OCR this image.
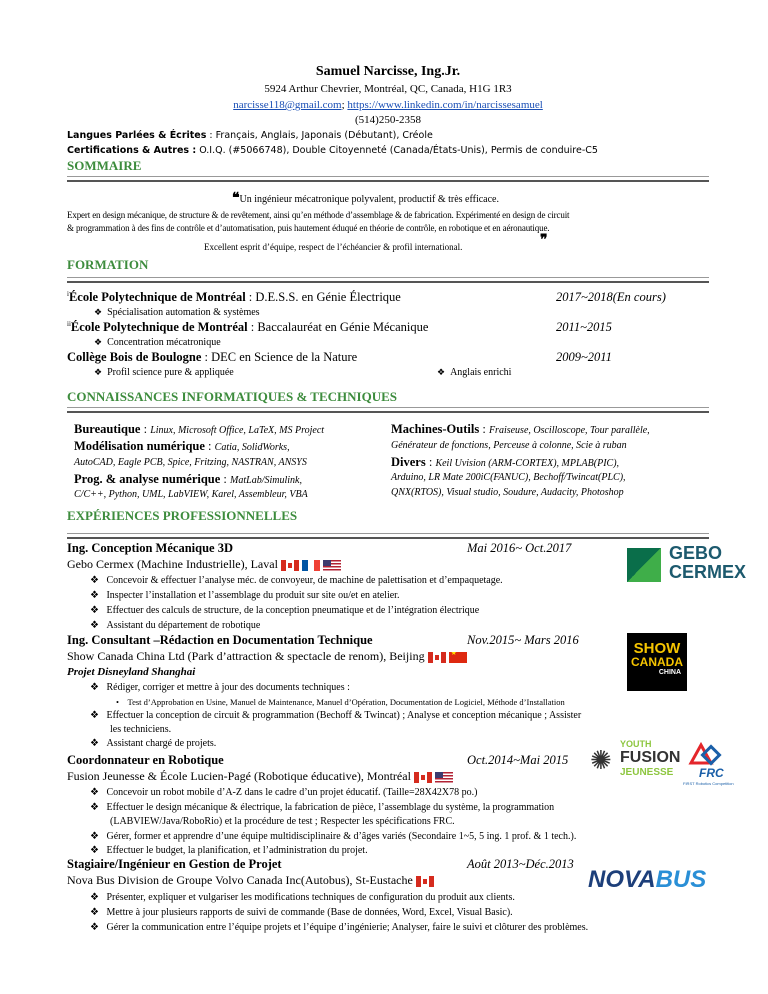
Samuel Narcisse, Ing.Jr.
5924 Arthur Chevrier, Montréal, QC, Canada, H1G 1R3
narcisse118@gmail.com; https://www.linkedin.com/in/narcissesamuel
(514)250-2358
Langues Parlées & Écrites : Français, Anglais, Japonais (Débutant), Créole
Certifications & Autres : O.I.Q. (#5066748), Double Citoyenneté (Canada/États-Unis), Permis de conduire-C5
SOMMAIRE
❝Un ingénieur mécatronique polyvalent, productif & très efficace.
Expert en design mécanique, de structure & de revêtement, ainsi qu’en méthode d’assemblage & de fabrication. Expérimenté en design de circuit
& programmation à des fins de contrôle et d’automatisation, puis hautement éduqué en théorie de contrôle, en robotique et en aéronautique.
Excellent esprit d’équipe, respect de l’échéancier & profil international.	❞
FORMATION
$^i$École Polytechnique de Montréal : D.E.S.S. en Génie Électrique	2017~2018(En cours)
❖ Spécialisation automation & systèmes
$^{ii}$École Polytechnique de Montréal : Baccalauréat en Génie Mécanique	2011~2015
❖ Concentration mécatronique
Collège Bois de Boulogne : DEC en Science de la Nature	2009~2011
❖ Profil science pure & appliquée	❖ Anglais enrichi
CONNAISSANCES INFORMATIQUES & TECHNIQUES
Bureautique : Linux, Microsoft Office, LaTeX, MS Project
Modélisation numérique : Catia, SolidWorks,
AutoCAD, Eagle PCB, Spice, Fritzing, NASTRAN, ANSYS
Prog. & analyse numérique : MatLab/Simulink,
C/C++, Python, UML, LabVIEW, Karel, Assembleur, VBA
Machines-Outils : Fraiseuse, Oscilloscope, Tour parallèle,
Générateur de fonctions, Perceuse à colonne, Scie à ruban
Divers : Keil Uvision (ARM-CORTEX), MPLAB(PIC),
Arduino, LR Mate 200iC(FANUC), Bechoff/Twincat(PLC),
QNX(RTOS), Visual studio, Soudure, Audacity, Photoshop
EXPÉRIENCES PROFESSIONNELLES
Ing. Conception Mécanique 3D	Mai 2016~ Oct.2017
Gebo Cermex (Machine Industrielle), Laval
❖ Concevoir & effectuer l’analyse méc. de convoyeur, de machine de palettisation et d’empaquetage.
❖ Inspecter l’installation et l’assemblage du produit sur site ou/et en atelier.
❖ Effectuer des calculs de structure, de la conception pneumatique et de l’intégration électrique
❖ Assistant du département de robotique
GEBO
CERMEX
Ing. Consultant –Rédaction en Documentation Technique	Nov.2015~ Mars 2016
Show Canada China Ltd (Park d’attraction & spectacle de renom), Beijing★
Projet Disneyland Shanghai
❖ Rédiger, corriger et mettre à jour des documents techniques :
• Test d’Approbation en Usine, Manuel de Maintenance, Manuel d’Opération, Documentation de Logiciel, Méthode d’Installation
❖ Effectuer la conception de circuit & programmation (Bechoff & Twincat) ; Analyse et conception mécanique ; Assister
les techniciens.
❖ Assistant chargé de projets.
SHOW
CANADA
CHINA
Coordonnateur en Robotique	Oct.2014~Mai 2015
Fusion Jeunesse & École Lucien-Pagé (Robotique éducative), Montréal
❖ Concevoir un robot mobile d’A-Z dans le cadre d’un projet éducatif. (Taille=28X42X78 po.)
❖ Effectuer le design mécanique & électrique, la fabrication de pièce, l’assemblage du système, la programmation
(LABVIEW/Java/RoboRio) et la procédure de test ; Respecter les spécifications FRC.
❖ Gérer, former et apprendre d’une équipe multidisciplinaire & d’âges variés (Secondaire 1~5, 5 ing. 1 prof. & 1 tech.).
❖ Effectuer le budget, la planification, et l’administration du projet.
✺
YOUTH
FUSION
JEUNESSE FRC
FIRST Robotics Competition
Stagiaire/Ingénieur en Gestion de Projet	Août 2013~Déc.2013
Nova Bus Division de Groupe Volvo Canada Inc(Autobus), St-Eustache
❖ Présenter, expliquer et vulgariser les modifications techniques de configuration du produit aux clients.
❖ Mettre à jour plusieurs rapports de suivi de commande (Base de données, Word, Excel, Visual Basic).
❖ Gérer la communication entre l’équipe projets et l’équipe d’ingénierie; Analyser, faire le suivi et clôturer des problèmes.
NOVABUS
